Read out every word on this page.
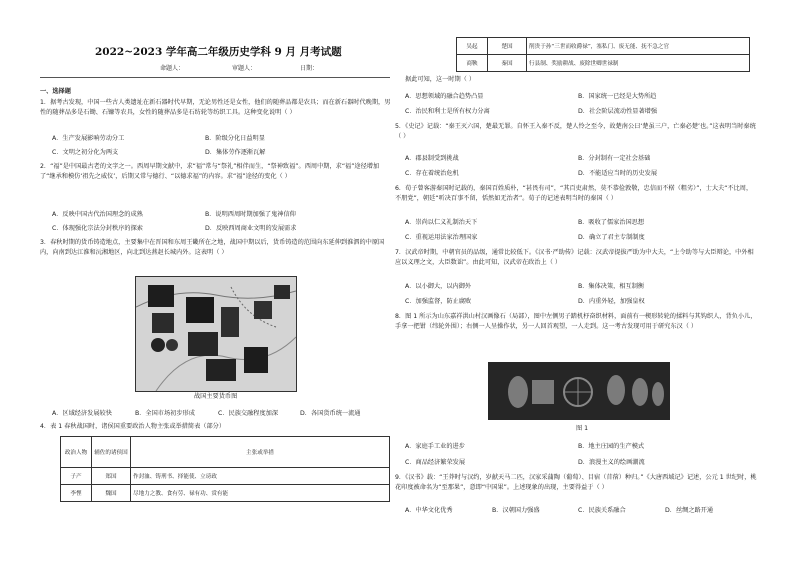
2022~2023 学年高二年级历史学科 9 月 月考试题
命题人：	审题人：	日期：
一、选择题
1．据考古发现，中国一些古人类遗址在新石器时代早期，无论男性还是女性，他们的随葬品都是农具；而在新石器时代晚期，男性的随葬品多是石锄、石镰等农具，女性的随葬品多是石纺轮等纺织工具。这种变化说明（ ）
A．生产发展影响劳动分工	B．阶级分化日益明显
C．文明之初分化为两支	D．集体劳作逐渐瓦解
2．“福”是中国最古老的文字之一。西周早期文献中，求“福”常与“祭礼”相伴而生，“祭神致福”。西周中期，求“福”途径增加了“继承和模仿‘祖先之威仪’，后期又常与德行、“以德求福”的内容。求“福”途径的变化（ ）
A．反映中国古代治国理念的成熟	B．说明西周时期加强了鬼神信仰
C．体现强化宗法分封秩序的探索	D．反映西周商业文明的发展需求
3．春秋时期的货币铸造地点，主要集中在晋国和东周王畿所在之地，战国中期以后，货币铸造的范围向东延伸到淮泗的中原国内，向南到达江淮和沅湘地区，向北到达燕赵长城内外。这表明（ ）
战国主要货币图
A．区域经济发展较快	B．全国市场初步形成	C．民族交融程度加深	D．各国货币统一流通
4．表 1 春秋战国时，诸侯国重要政治人物主张或举措简表（部分）
政治人物	辅佐的诸侯国	主张或举措
子产	郑国	作封洫、铸刑书、择能使、立谤政
李悝	魏国	尽地力之教、食有劳、禄有功、赏有能
吴起	楚国	削贵于孙“三世而收爵禄”，塞私门、废无能、抚不急之官
商鞅	秦国	行县制、奖励耕战、废除世卿世禄制
据此可知，这一时期（ ）
A．思想领域的融合趋势凸显	B．国家统一已经是大势所趋
C．治民和利士是所有权力分离	D．社会阶层流动性显著增强
5．《史记》记载：“秦王灭六国，楚最无罪。自怀王入秦不反，楚人怜之至今，故楚南公曰‘楚虽三户，亡秦必楚’也。”这表明当时秦统（ ）
A．郡县制受到挑战	B．分封制有一定社会基础
C．存在着统治危机	D．不能适应当时的历史发展
6．荀子曾客游秦国时记载的，秦国百姓质朴，“甚畏有司”，“其百吏肃然，莫不恭俭敦敬，忠信而不楛（粗劣）”，士大夫“不比周，不朋党”，朝廷“听决百事不留，恬然如无治者”。荀子的记述表明当时的秦国（ ）
A．崇尚以仁义礼制治天下	B．吸收了儒家治国思想
C．重视运用法家治理国家	D．确立了君主专制制度
7．汉武帝时期，中朝官员的品级，通常比较低下。《汉书·严助传》记载：汉武帝提拔严助为中大夫，“上令助等与大臣辩论，中外相应以义理之文，大臣数诎”。由此可知，汉武帝在政治上（ ）
A．以小御大，以内御外	B．集体决策，相互制衡
C．加强监督，防止腐败	D．内重外轻，加强皇权
8．图 1 所示为山东嘉祥洪山村汉画像石（局部），图中左侧男子踏机杼奋织材料，面前有一楔形转轮的揉料与其钩织人，背负小儿，手拿一把钳（纬轮外围）；右侧一人呈操作状，另一人回首观望，一人走到。这一考古发现可用于研究东汉（ ）
图 1
A．家庭手工业的进步	B．地主庄园的生产模式
C．商品经济繁荣发展	D．浪漫主义的绘画潮流
9．《汉书》载：“王莽时与汉约，岁献天马二匹，汉家采蒲陶（葡萄）、目宿（苜蓿）种归。”《大唐西域记》记述，公元 1 世纪时，桃花印度被命名为“至那果”，意即“中国果”。上述现象的出现，主要得益于（ ）
A．中华文化优秀	B．汉朝国力强盛	C．民族关系融合	D．丝绸之路开通
